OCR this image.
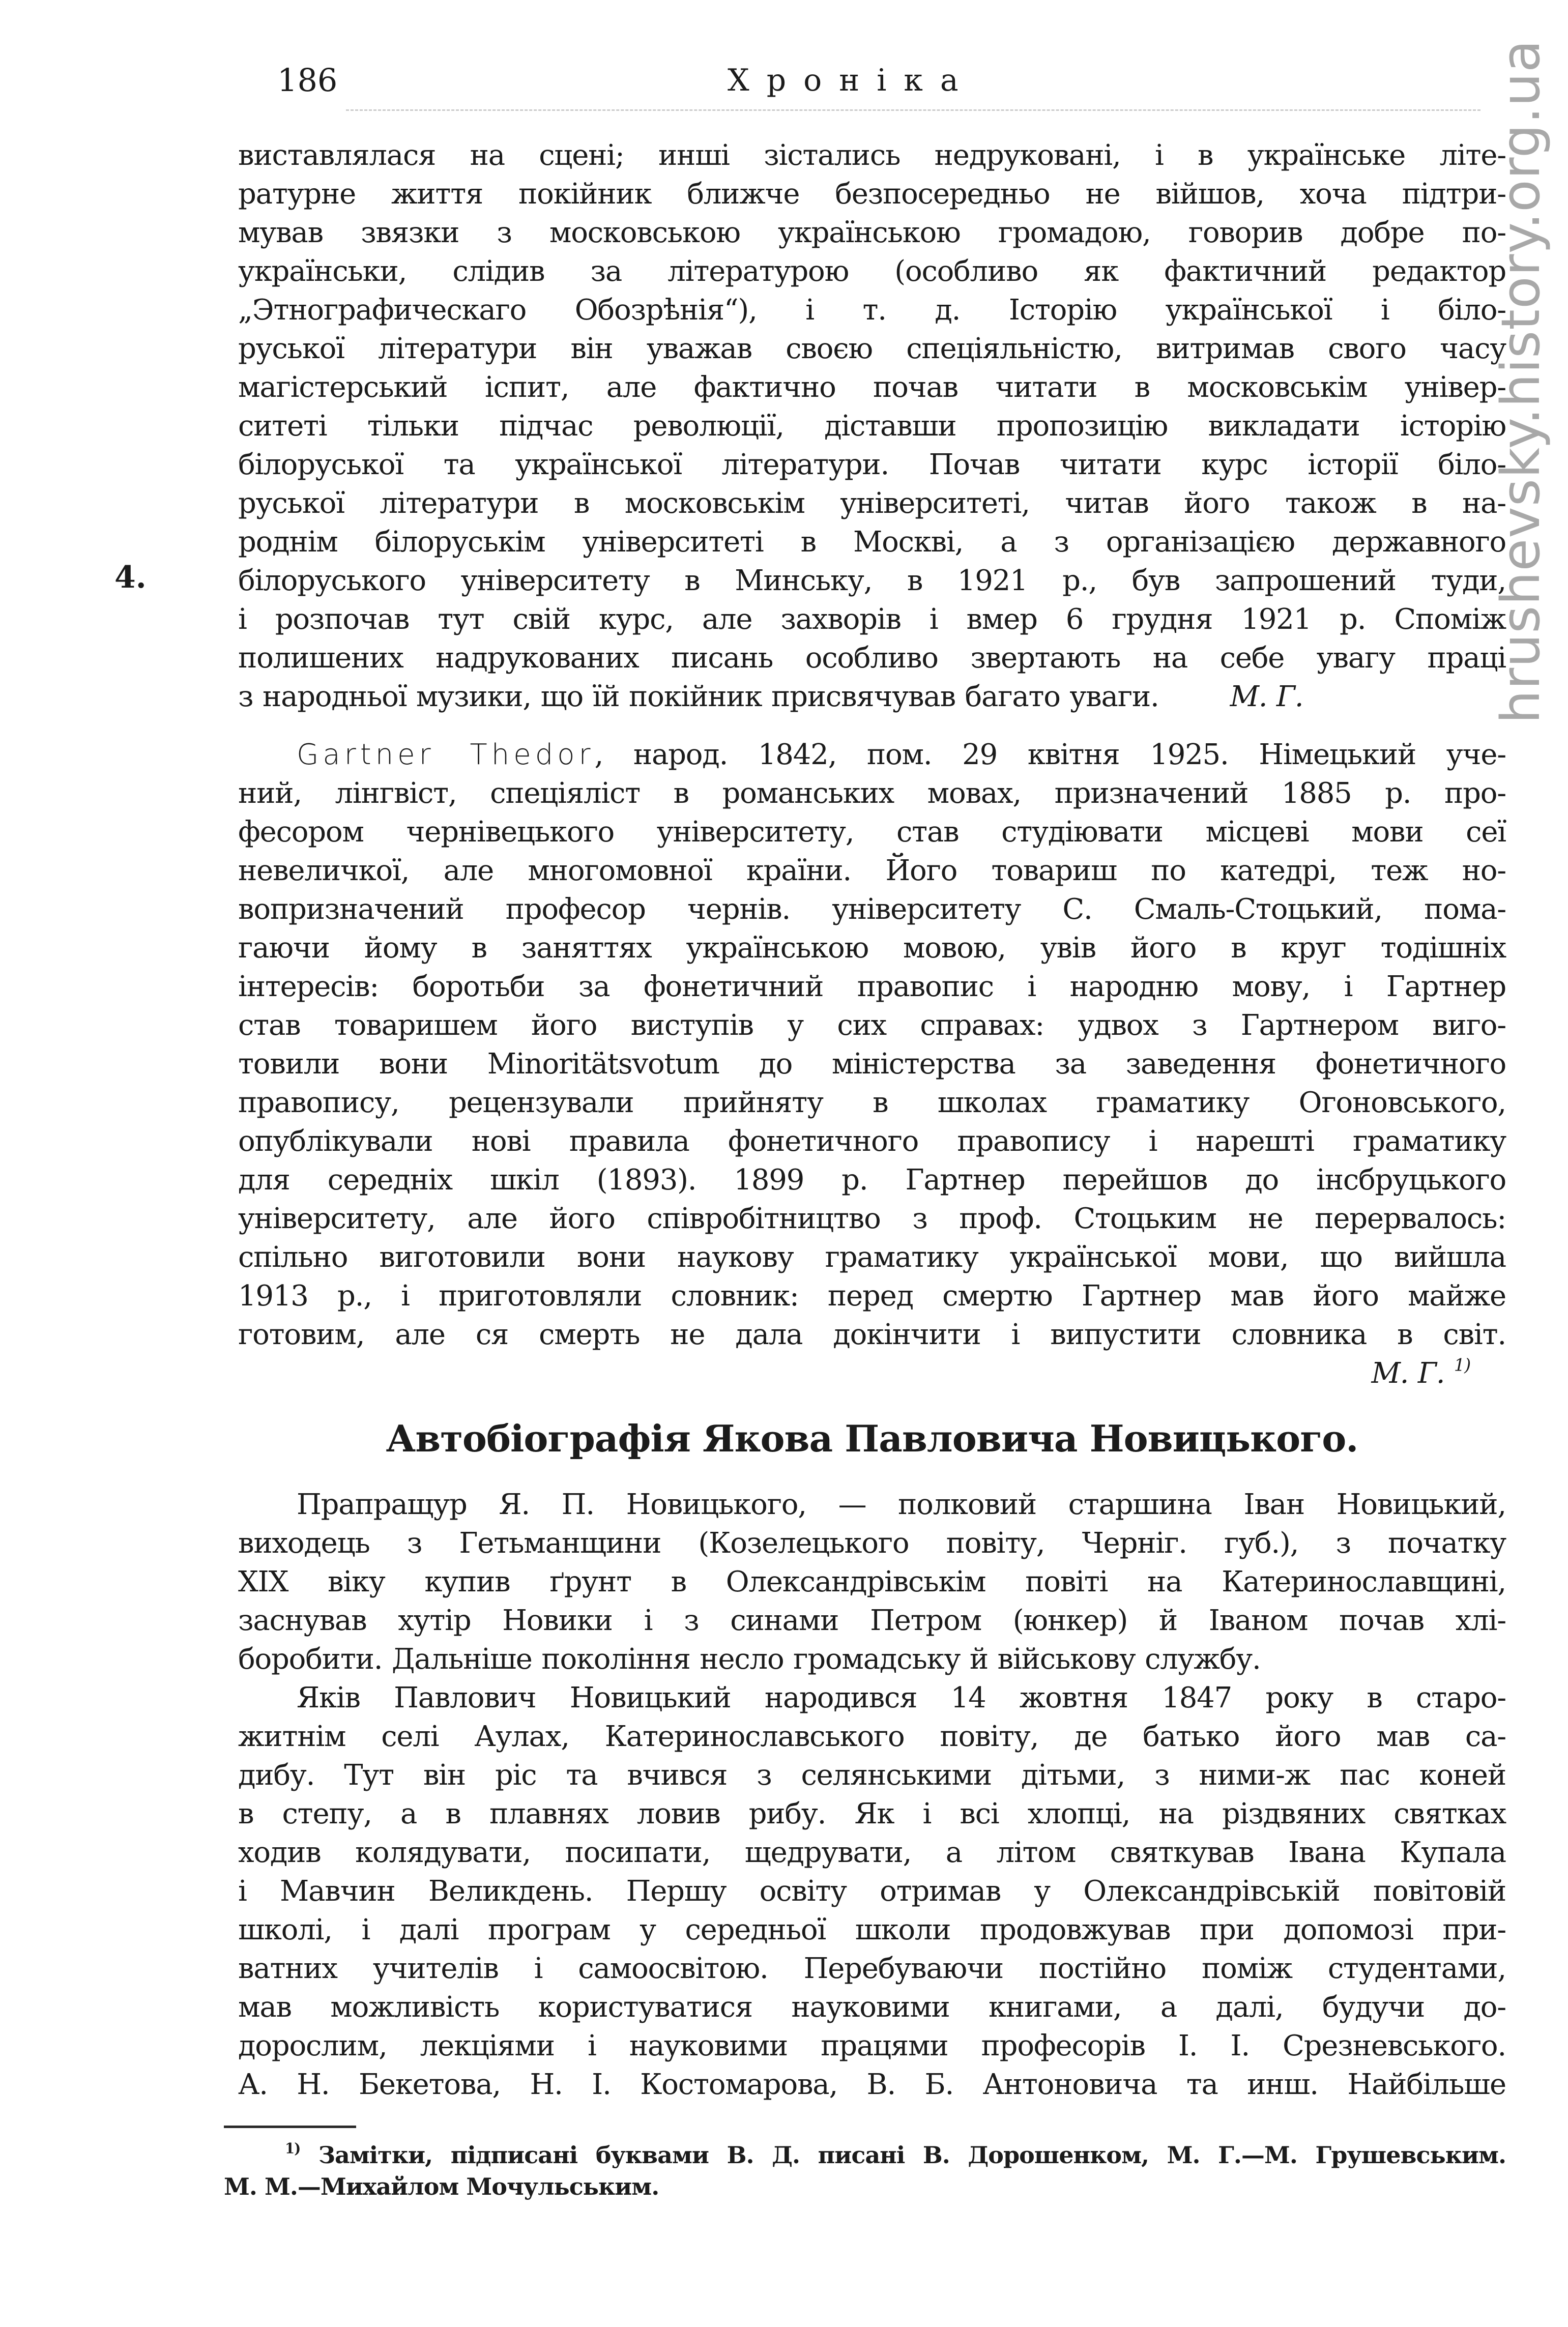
186	Хроніка	hrushevsky.history.org.ua
4.
виставлялася на сцені; инші зістались недруковані, і в українське літе-
ратурне життя покійник ближче безпосередньо не війшов, хоча підтри-
мував звязки з московською українською громадою, говорив добре по-
українськи, слідив за літературою (особливо як фактичний редактор
„Этнографическаго Обозрѣнія“), і т. д. Історію української і біло-
руської літератури він уважав своєю спеціяльністю, витримав свого часу
магістерський іспит, але фактично почав читати в московськім універ-
ситеті тільки підчас революції, діставши пропозицію викладати історію
білоруської та української літератури. Почав читати курс історії біло-
руської літератури в московськім університеті, читав його також в на-
роднім білоруськім університеті в Москві, а з організацією державного
білоруського університету в Минську, в 1921 р., був запрошений туди,
і розпочав тут свій курс, але захворів і вмер 6 грудня 1921 р. Споміж
полишених надрукованих писань особливо звертають на себе увагу праці
з народньої музики, що їй покійник присвячував багато уваги.	М. Г.
Gartner Thedor, народ. 1842, пом. 29 квітня 1925. Німецький уче-
ний, лінгвіст, спеціяліст в романських мовах, призначений 1885 р. про-
фесором чернівецького університету, став студіювати місцеві мови сеї
невеличкої, але многомовної країни. Його товариш по катедрі, теж но-
вопризначений професор чернів. університету С. Смаль-Стоцький, пома-
гаючи йому в заняттях українською мовою, увів його в круг тодішніх
інтересів: боротьби за фонетичний правопис і народню мову, і Гартнер
став товаришем його виступів у сих справах: удвох з Гартнером виго-
товили вони Minoritätsvotum до міністерства за заведення фонетичного
правопису, рецензували прийняту в школах граматику Огоновського,
опублікували нові правила фонетичного правопису і нарешті граматику
для середніх шкіл (1893). 1899 р. Гартнер перейшов до інсбруцького
університету, але його співробітництво з проф. Стоцьким не перервалось:
спільно виготовили вони наукову граматику української мови, що вийшла
1913 р., і приготовляли словник: перед смертю Гартнер мав його майже
готовим, але ся смерть не дала докінчити і випустити словника в світ.
М. Г. $^{1)}$
Автобіографія Якова Павловича Новицького.
Прапращур Я. П. Новицького, — полковий старшина Іван Новицький,
виходець з Гетьманщини (Козелецького повіту, Черніг. губ.), з початку
XIX віку купив ґрунт в Олександрівськім повіті на Катеринославщині,
заснував хутір Новики і з синами Петром (юнкер) й Іваном почав хлі-
боробити. Дальніше покоління несло громадську й військову службу.
Яків Павлович Новицький народився 14 жовтня 1847 року в старо-
житнім селі Аулах, Катеринославського повіту, де батько його мав са-
дибу. Тут він ріс та вчився з селянськими дітьми, з ними-ж пас коней
в степу, а в плавнях ловив рибу. Як і всі хлопці, на різдвяних святках
ходив колядувати, посипати, щедрувати, а літом святкував Івана Купала
і Мавчин Великдень. Першу освіту отримав у Олександрівській повітовій
школі, і далі програм у середньої школи продовжував при допомозі при-
ватних учителів і самоосвітою. Перебуваючи постійно поміж студентами,
мав можливість користуватися науковими книгами, а далі, будучи до-
дорослим, лекціями і науковими працями професорів І. І. Срезневського.
А. Н. Бекетова, Н. І. Костомарова, В. Б. Антоновича та инш. Найбільше
$^{1)}$ Замітки, підписані буквами В. Д. писані В. Дорошенком, М. Г.—М. Грушевським.
М. М.—Михайлом Мочульським.
